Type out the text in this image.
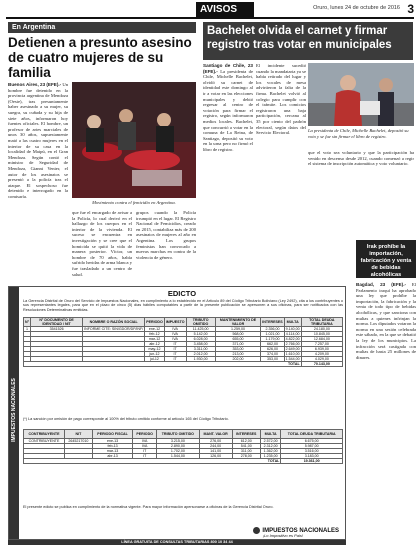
AVISOS	Oruro, lunes 24 de octubre de 2016 3
En Argentina
Detienen a presunto asesino de cuatro mujeres de su familia
Buenos Aires, 23 (EFE).- Un hombre fue detenido en la provincia argentina de Mendoza (Oeste), tras presuntamente haber asesinado a su mujer, su suegra, su cuñada y su hija de siete años, informaron hoy fuentes oficiales. El hombre, un profesor de artes marciales de unos 30 años, supuestamente mató a las cuatro mujeres en el interior de su casa en la localidad de Maipú, en el Gran Mendoza. Según contó el ministro de Seguridad de Mendoza, Gianni Venier, el autor de los asesinatos se presentó a la policía tras el ataque. El sospechoso fue detenido e interrogado en la comisaría.
Movimiento contra el femicidio en Argentina.
que fue el encargado de avisar a la Policía, lo cual derivó en el hallazgo de los cuerpos en el interior de la vivienda. El suceso se encuentra en investigación y se cree que el homicida se quitó la vida de manera posterior. Víctor, un hombre de 70 años, había sufrido heridas de arma blanca y fue trasladado a un centro de salud.
grupos cuando la Policía irrumpió en el lugar. El Registro Nacional de Femicidios, creado en 2015, contabiliza más de 200 asesinatos de mujeres al año en Argentina. Los grupos feministas han convocado a nuevas marchas en contra de la violencia de género.
Bachelet olvida el carnet y firmar registro tras votar en municipales
Santiago de Chile, 23 (EFE).- La presidenta de Chile, Michelle Bachelet, olvidó su carnet de identidad este domingo al ir a votar en las elecciones municipales y debió regresar al centro de votación para firmar el registro, según informaron medios locales. Bachelet, que concurrió a votar en la comuna de La Reina, de Santiago, depositó su voto en la urna pero no firmó el libro de registro.
El incidente sucedió cuando la mandataria ya se había retirado del lugar y los vocales de mesa advirtieron la falta de la firma. Bachelet volvió al colegio para cumplir con el trámite. Los comicios registraron una baja participación, cercana al 35 por ciento del padrón electoral, según datos del Servicio Electoral.	La presidenta de Chile, Michelle Bachelet, depositó su voto y se fue sin firmar el libro de registro.
que el voto sea voluntario y que la participación ha venido en descenso desde 2012, cuando comenzó a regir el sistema de inscripción automática y voto voluntario.
Irak prohíbe la importación, fabricación y venta de bebidas alcohólicas
Bagdad, 23 (EFE).- El Parlamento iraquí ha aprobado una ley que prohíbe la importación, la fabricación y la venta de todo tipo de bebidas alcohólicas, y que sanciona con multas a quienes infrinjan la norma. Los diputados votaron la norma en una sesión celebrada este sábado, en la que se debatió la ley de los municipios. La infracción será castigada con multas de hasta 25 millones de dinares.
IMPUESTOS NACIONALES
EDICTO
La Gerencia Distrital de Oruro del Servicio de Impuestos Nacionales, en cumplimiento a lo establecido en el Artículo 89 del Código Tributario Boliviano (Ley 2492), cita a los contribuyentes o sus representantes legales, para que en el plazo de cinco (5) días hábiles computables a partir de la presente publicación se apersonen a sus oficinas, para ser notificados con las Resoluciones Determinativas emitidas.
N°	N° DOCUMENTO DE IDENTIDAD / NIT	NOMBRE O RAZÓN SOCIAL	PERIODO	IMPUESTO	TRIBUTO OMITIDO	MANTENIMIENTO DE VALOR	INTERESES	MULTA	TOTAL DEUDA TRIBUTARIA
1	3541526	INFORME CITE: SIN/GDOR/DF/INF/	ene-12	IVA	11.425,00	1.259,00	2.356,00	9.140,00	24.180,00
			feb-12	IVA	5.142,00	568,00	1.021,00	4.114,00	10.845,00
			mar-12	IVA	6.028,00	655,00	1.179,00	4.822,00	12.684,00
			abr-12	IT	3.458,00	371,00	662,00	2.766,00	7.257,00
			may-12	IT	3.311,00	353,00	626,00	2.649,00	6.939,00
			jun-12	IT	2.012,00	213,00	374,00	1.610,00	4.209,00
			jul-12	IT	1.930,00	202,00	353,00	1.544,00	4.029,00
TOTAL									70.143,00
(*) La sanción por omisión de pago corresponde al 100% del tributo omitido conforme al artículo 165 del Código Tributario.
CONTRIBUYENTE	NIT	PERIODO FISCAL	PERIODO	TRIBUTO OMITIDO	MANT. VALOR	INTERESES	MULTA	TOTAL DEUDA TRIBUTARIA
CONTRIBUYENTE	2645217010	ene-13	IVA	3.215,00	276,00	612,00	2.572,00	6.675,00
		feb-13	IVA	2.890,00	244,00	541,00	2.312,00	5.987,00
		mar-13	IT	1.702,00	141,00	311,00	1.362,00	3.516,00
		abr-13	IT	1.544,00	126,00	278,00	1.235,00	3.183,00
TOTAL								19.361,00
El presente edicto se publica en cumplimiento de la normativa vigente. Para mayor información apersonarse a oficinas de la Gerencia Distrital Oruro.
IMPUESTOS NACIONALES
¡Lo Impositivo es Pais!
LÍNEA GRATUITA DE CONSULTAS TRIBUTARIAS 800 10 34 44
